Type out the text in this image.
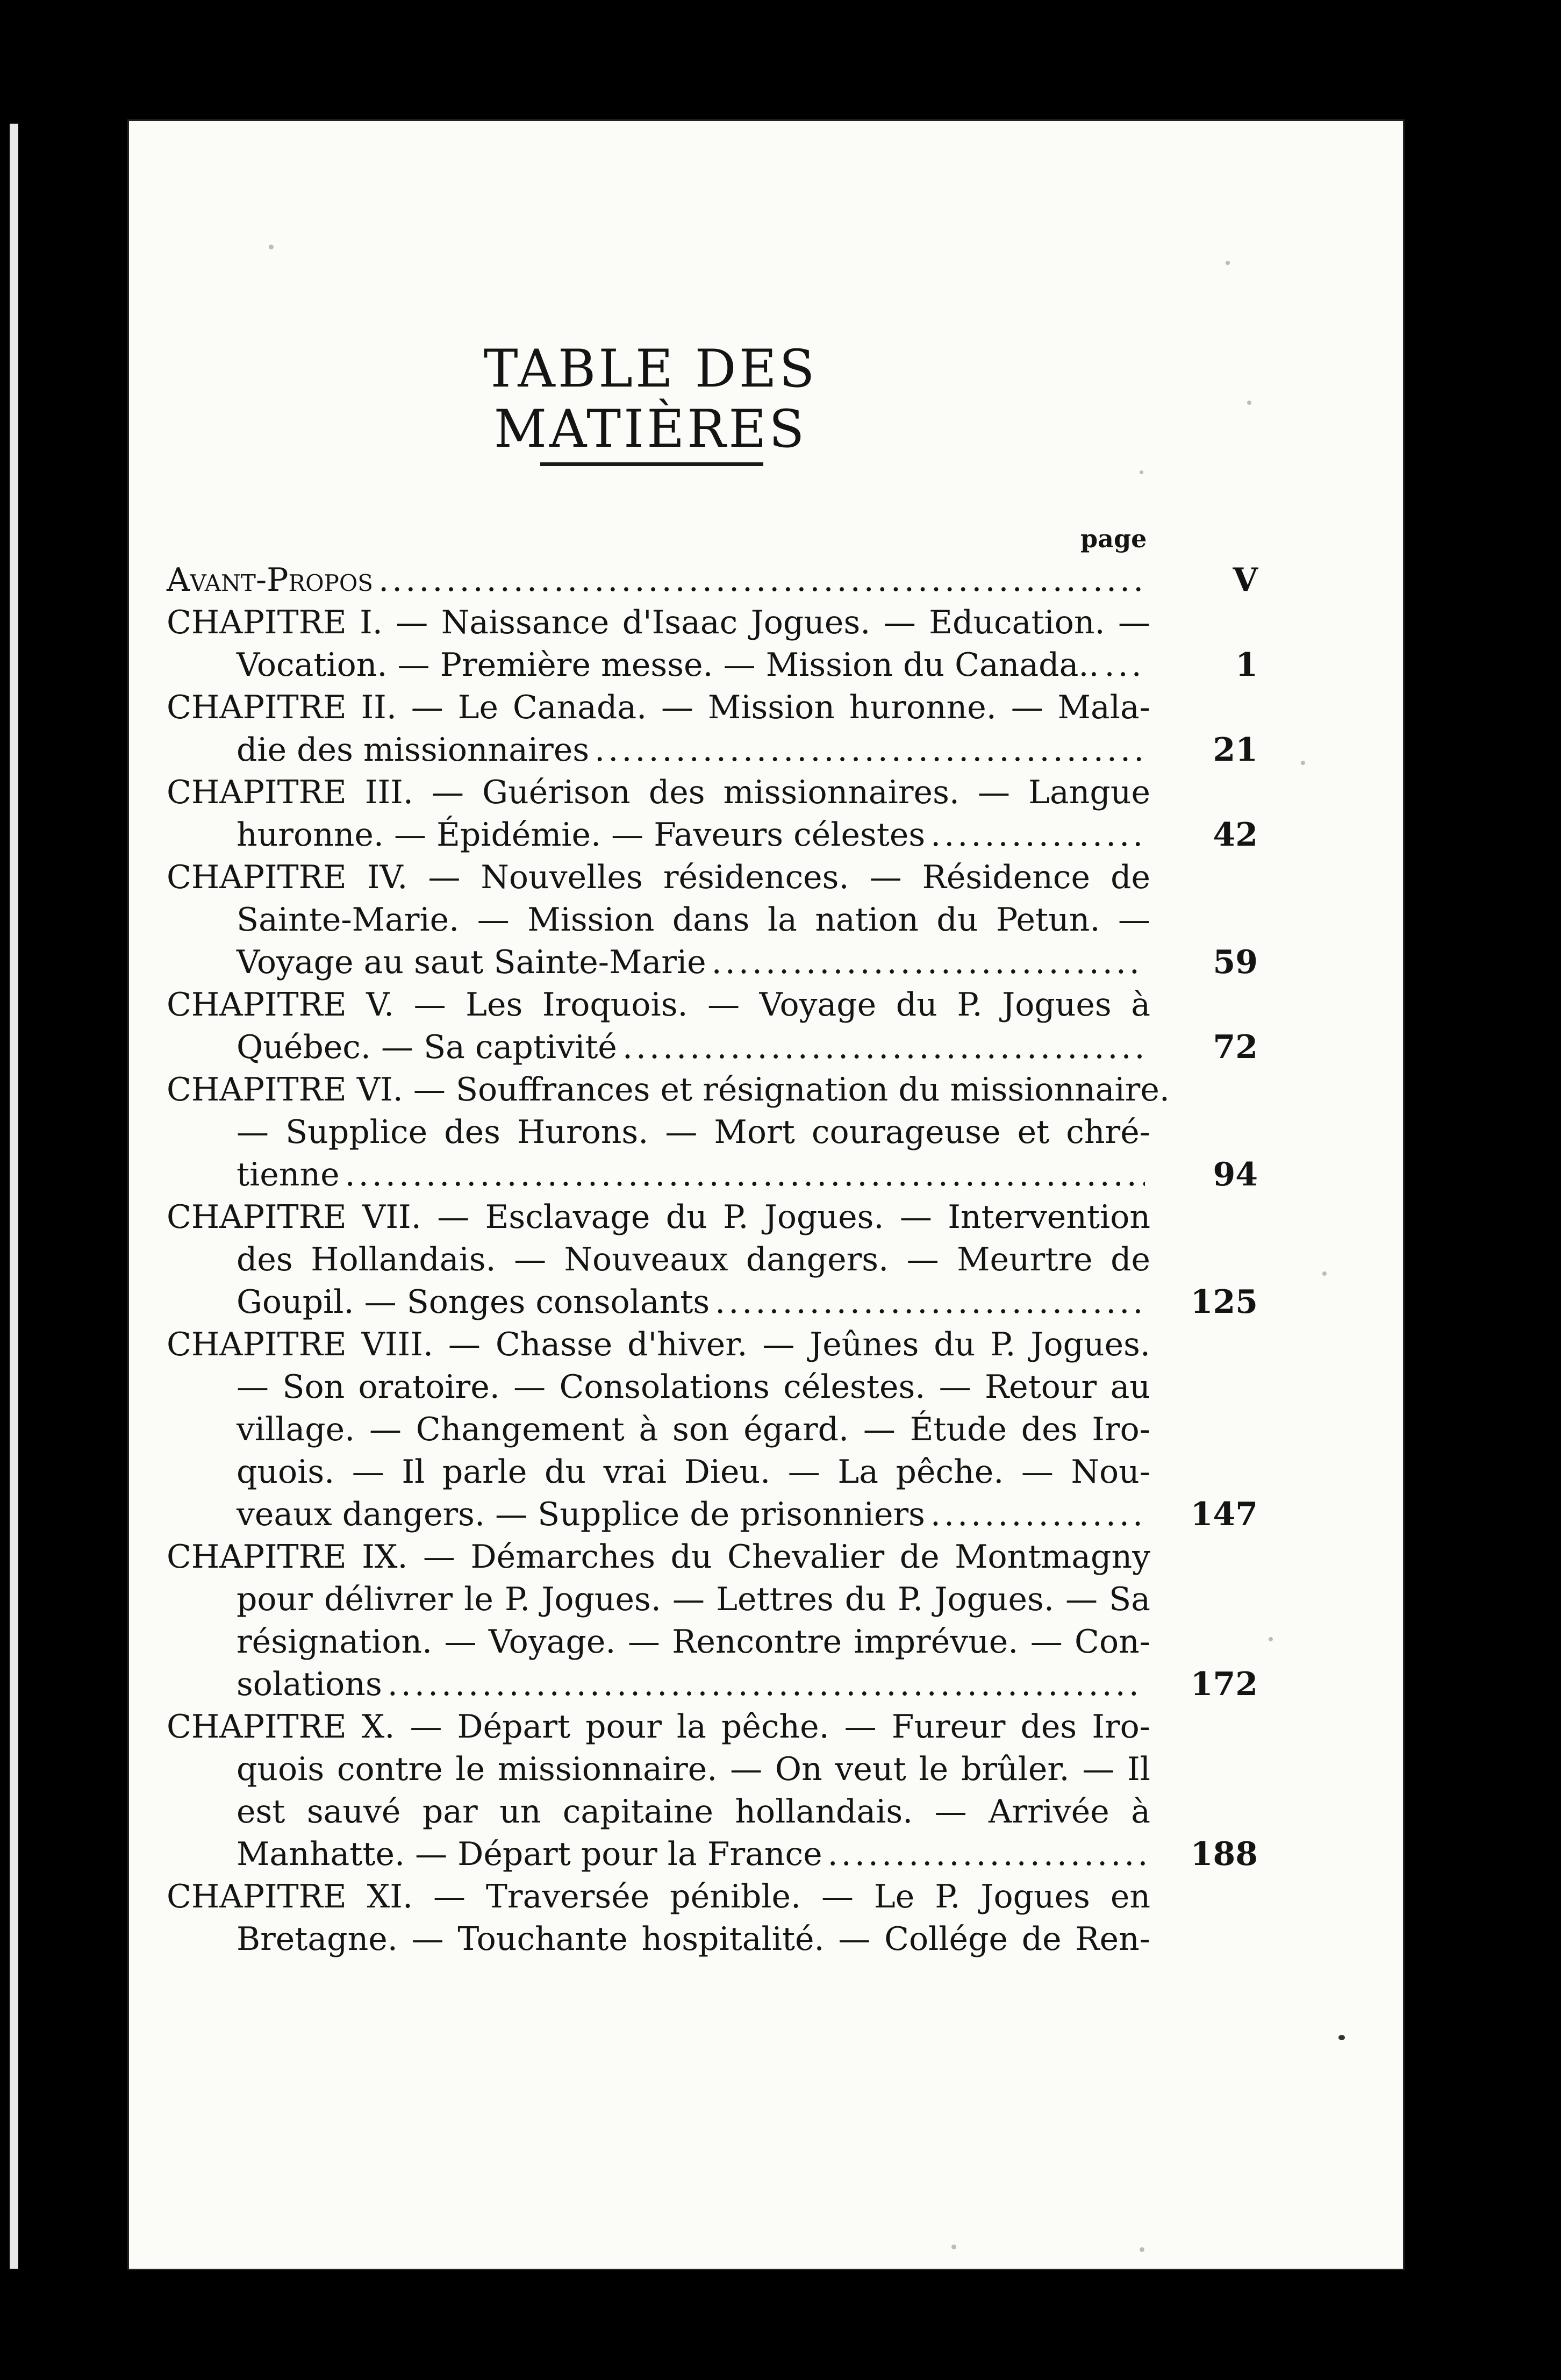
TABLE DES MATIÈRES
page
Avant-Propos .....	V
CHAPITRE I. — Naissance d'Isaac Jogues. — Education. —
Vocation. — Première messe. — Mission du Canada.. .....	1
CHAPITRE II. — Le Canada. — Mission huronne. — Mala-
die des missionnaires .....	21
CHAPITRE III. — Guérison des missionnaires. — Langue
huronne. — Épidémie. — Faveurs célestes .....	42
CHAPITRE IV. — Nouvelles résidences. — Résidence de
Sainte-Marie. — Mission dans la nation du Petun. —
Voyage au saut Sainte-Marie .....	59
CHAPITRE V. — Les Iroquois. — Voyage du P. Jogues à
Québec. — Sa captivité .....	72
CHAPITRE VI. — Souffrances et résignation du missionnaire.
— Supplice des Hurons. — Mort courageuse et chré-
tienne .....	94
CHAPITRE VII. — Esclavage du P. Jogues. — Intervention
des Hollandais. — Nouveaux dangers. — Meurtre de
Goupil. — Songes consolants .....	125
CHAPITRE VIII. — Chasse d'hiver. — Jeûnes du P. Jogues.
— Son oratoire. — Consolations célestes. — Retour au
village. — Changement à son égard. — Étude des Iro-
quois. — Il parle du vrai Dieu. — La pêche. — Nou-
veaux dangers. — Supplice de prisonniers .....	147
CHAPITRE IX. — Démarches du Chevalier de Montmagny
pour délivrer le P. Jogues. — Lettres du P. Jogues. — Sa
résignation. — Voyage. — Rencontre imprévue. — Con-
solations .....	172
CHAPITRE X. — Départ pour la pêche. — Fureur des Iro-
quois contre le missionnaire. — On veut le brûler. — Il
est sauvé par un capitaine hollandais. — Arrivée à
Manhatte. — Départ pour la France .....	188
CHAPITRE XI. — Traversée pénible. — Le P. Jogues en
Bretagne. — Touchante hospitalité. — Collége de Ren-
